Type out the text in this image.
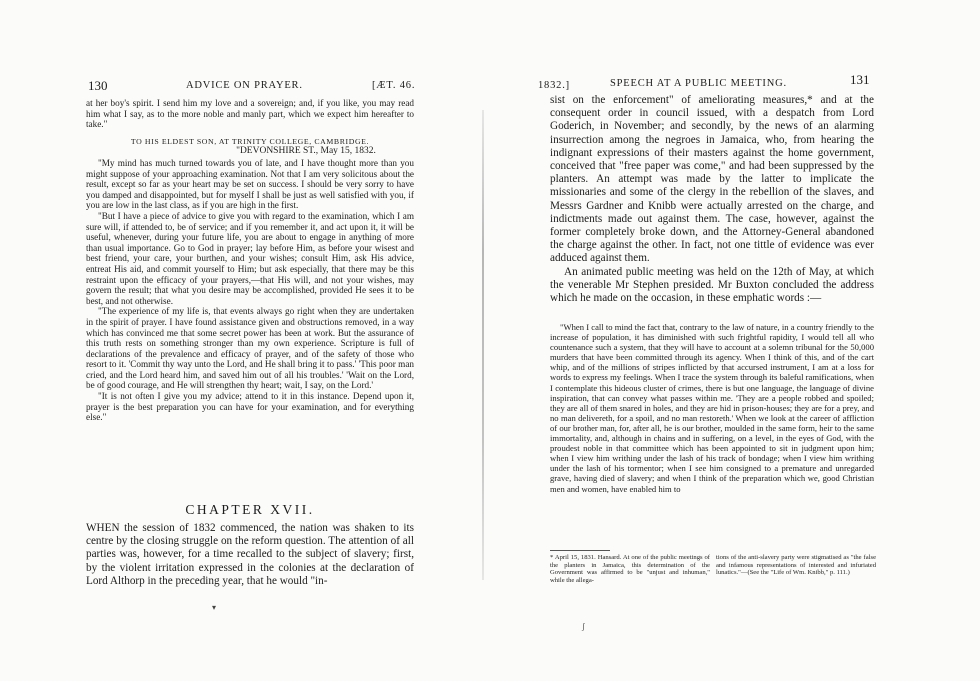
130	ADVICE ON PRAYER.	[ÆT. 46.

at her boy's spirit. I send him my love and a sovereign; and, if you like, you may read him what I say, as to the more noble and manly part, which we expect him hereafter to take."

TO HIS ELDEST SON, AT TRINITY COLLEGE, CAMBRIDGE.
"DEVONSHIRE ST., May 15, 1832.

"My mind has much turned towards you of late, and I have thought more than you might suppose of your approaching examination. Not that I am very solicitous about the result, except so far as your heart may be set on success. I should be very sorry to have you damped and disappointed, but for myself I shall be just as well satisfied with you, if you are low in the last class, as if you are high in the first.

"But I have a piece of advice to give you with regard to the examination, which I am sure will, if attended to, be of service; and if you remember it, and act upon it, it will be useful, whenever, during your future life, you are about to engage in anything of more than usual importance. Go to God in prayer; lay before Him, as before your wisest and best friend, your care, your burthen, and your wishes; consult Him, ask His advice, entreat His aid, and commit yourself to Him; but ask especially, that there may be this restraint upon the efficacy of your prayers,—that His will, and not your wishes, may govern the result; that what you desire may be accomplished, provided He sees it to be best, and not otherwise.

"The experience of my life is, that events always go right when they are undertaken in the spirit of prayer. I have found assistance given and obstructions removed, in a way which has convinced me that some secret power has been at work. But the assurance of this truth rests on something stronger than my own experience. Scripture is full of declarations of the prevalence and efficacy of prayer, and of the safety of those who resort to it. 'Commit thy way unto the Lord, and He shall bring it to pass.' 'This poor man cried, and the Lord heard him, and saved him out of all his troubles.' 'Wait on the Lord, be of good courage, and He will strengthen thy heart; wait, I say, on the Lord.'

"It is not often I give you my advice; attend to it in this instance. Depend upon it, prayer is the best preparation you can have for your examination, and for everything else."

CHAPTER XVII.

WHEN the session of 1832 commenced, the nation was shaken to its centre by the closing struggle on the reform question. The attention of all parties was, however, for a time recalled to the subject of slavery; first, by the violent irritation expressed in the colonies at the declaration of Lord Althorp in the preceding year, that he would "in-

▾
1832.]	SPEECH AT A PUBLIC MEETING.	131

sist on the enforcement" of ameliorating measures,* and at the consequent order in council issued, with a despatch from Lord Goderich, in November; and secondly, by the news of an alarming insurrection among the negroes in Jamaica, who, from hearing the indignant expressions of their masters against the home government, conceived that "free paper was come," and had been suppressed by the planters. An attempt was made by the latter to implicate the missionaries and some of the clergy in the rebellion of the slaves, and Messrs Gardner and Knibb were actually arrested on the charge, and indictments made out against them. The case, however, against the former completely broke down, and the Attorney-General abandoned the charge against the other. In fact, not one tittle of evidence was ever adduced against them.

An animated public meeting was held on the 12th of May, at which the venerable Mr Stephen presided. Mr Buxton concluded the address which he made on the occasion, in these emphatic words :—

"When I call to mind the fact that, contrary to the law of nature, in a country friendly to the increase of population, it has diminished with such frightful rapidity, I would tell all who countenance such a system, that they will have to account at a solemn tribunal for the 50,000 murders that have been committed through its agency. When I think of this, and of the cart whip, and of the millions of stripes inflicted by that accursed instrument, I am at a loss for words to express my feelings. When I trace the system through its baleful ramifications, when I contemplate this hideous cluster of crimes, there is but one language, the language of divine inspiration, that can convey what passes within me. 'They are a people robbed and spoiled; they are all of them snared in holes, and they are hid in prison-houses; they are for a prey, and no man delivereth, for a spoil, and no man restoreth.' When we look at the career of affliction of our brother man, for, after all, he is our brother, moulded in the same form, heir to the same immortality, and, although in chains and in suffering, on a level, in the eyes of God, with the proudest noble in that committee which has been appointed to sit in judgment upon him; when I view him writhing under the lash of his track of bondage; when I view him writhing under the lash of his tormentor; when I see him consigned to a premature and unregarded grave, having died of slavery; and when I think of the preparation which we, good Christian men and women, have enabled him to

* April 15, 1831. Hansard. At one of the public meetings of the planters in Jamaica, this determination of the Government was affirmed to be "unjust and inhuman," while the allega-
tions of the anti-slavery party were stigmatised as "the false and infamous representations of interested and infuriated lunatics."—(See the "Life of Wm. Knibb," p. 111.)
ʃ
